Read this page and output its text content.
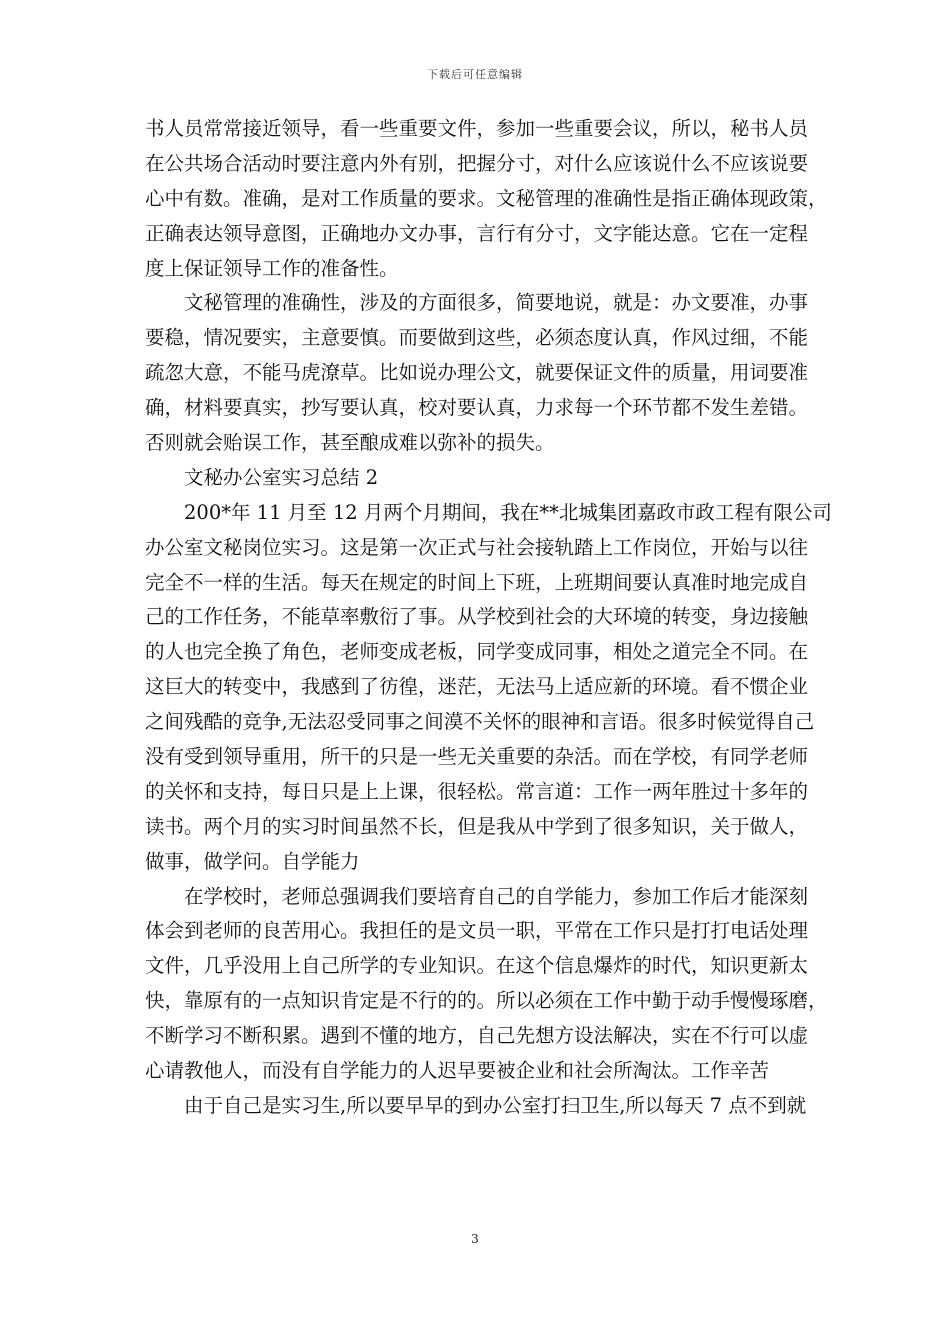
下载后可任意编辑
书人员常常接近领导，看一些重要文件，参加一些重要会议，所以，秘书人员
在公共场合活动时要注意内外有别，把握分寸，对什么应该说什么不应该说要
心中有数。准确，是对工作质量的要求。文秘管理的准确性是指正确体现政策，
正确表达领导意图，正确地办文办事，言行有分寸，文字能达意。它在一定程
度上保证领导工作的准备性。
文秘管理的准确性，涉及的方面很多，简要地说，就是：办文要准，办事
要稳，情况要实，主意要慎。而要做到这些，必须态度认真，作风过细，不能
疏忽大意，不能马虎潦草。比如说办理公文，就要保证文件的质量，用词要准
确，材料要真实，抄写要认真，校对要认真，力求每一个环节都不发生差错。
否则就会贻误工作，甚至酿成难以弥补的损失。
文秘办公室实习总结 2
200*年 11 月至 12 月两个月期间，我在**北城集团嘉政市政工程有限公司
办公室文秘岗位实习。这是第一次正式与社会接轨踏上工作岗位，开始与以往
完全不一样的生活。每天在规定的时间上下班，上班期间要认真准时地完成自
己的工作任务，不能草率敷衍了事。从学校到社会的大环境的转变，身边接触
的人也完全换了角色，老师变成老板，同学变成同事，相处之道完全不同。在
这巨大的转变中，我感到了彷徨，迷茫，无法马上适应新的环境。看不惯企业
之间残酷的竞争,无法忍受同事之间漠不关怀的眼神和言语。很多时候觉得自己
没有受到领导重用，所干的只是一些无关重要的杂活。而在学校，有同学老师
的关怀和支持，每日只是上上课，很轻松。常言道：工作一两年胜过十多年的
读书。两个月的实习时间虽然不长，但是我从中学到了很多知识，关于做人，
做事，做学问。自学能力
在学校时，老师总强调我们要培育自己的自学能力，参加工作后才能深刻
体会到老师的良苦用心。我担任的是文员一职，平常在工作只是打打电话处理
文件，几乎没用上自己所学的专业知识。在这个信息爆炸的时代，知识更新太
快，靠原有的一点知识肯定是不行的的。所以必须在工作中勤于动手慢慢琢磨，
不断学习不断积累。遇到不懂的地方，自己先想方设法解决，实在不行可以虚
心请教他人，而没有自学能力的人迟早要被企业和社会所淘汰。工作辛苦
由于自己是实习生,所以要早早的到办公室打扫卫生,所以每天 7 点不到就
3
